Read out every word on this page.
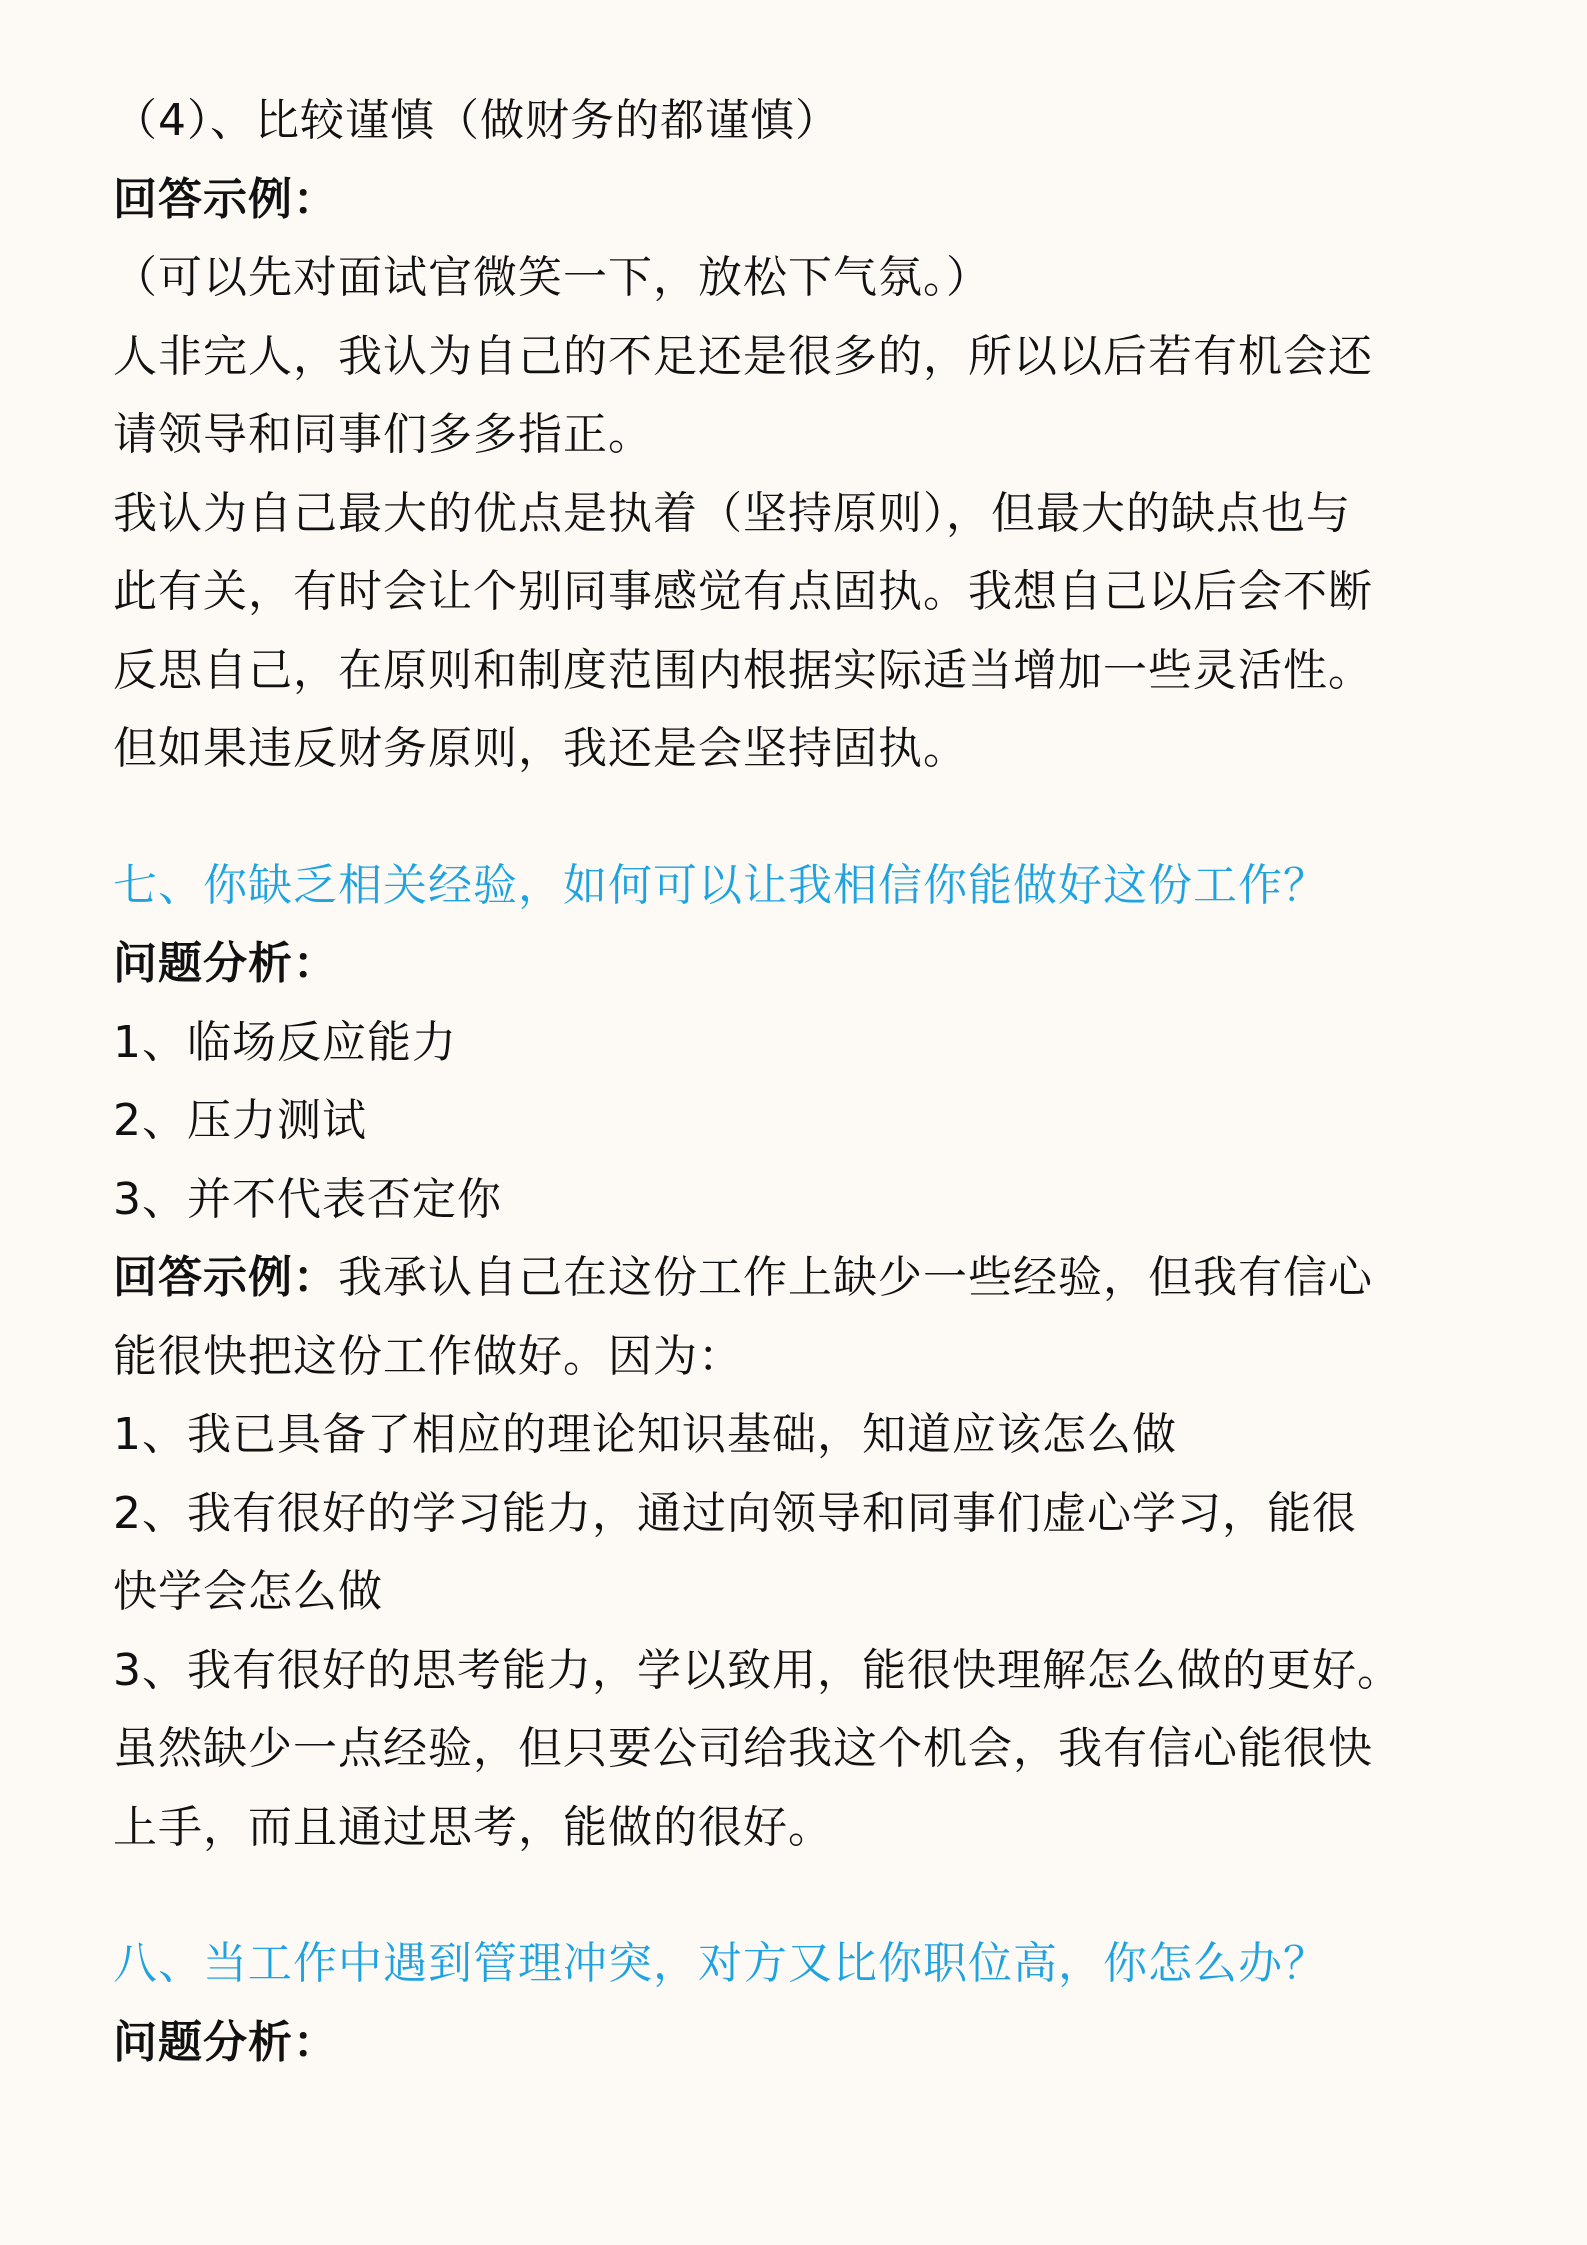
（4）、比较谨慎（做财务的都谨慎）
回答示例：
（可以先对面试官微笑一下，放松下气氛。）
人非完人，我认为自己的不足还是很多的，所以以后若有机会还
请领导和同事们多多指正。
我认为自己最大的优点是执着（坚持原则），但最大的缺点也与
此有关，有时会让个别同事感觉有点固执。我想自己以后会不断
反思自己，在原则和制度范围内根据实际适当增加一些灵活性。
但如果违反财务原则，我还是会坚持固执。
七、你缺乏相关经验，如何可以让我相信你能做好这份工作？
问题分析：
1、临场反应能力
2、压力测试
3、并不代表否定你
回答示例：我承认自己在这份工作上缺少一些经验，但我有信心
能很快把这份工作做好。因为：
1、我已具备了相应的理论知识基础，知道应该怎么做
2、我有很好的学习能力，通过向领导和同事们虚心学习，能很
快学会怎么做
3、我有很好的思考能力，学以致用，能很快理解怎么做的更好。
虽然缺少一点经验，但只要公司给我这个机会，我有信心能很快
上手，而且通过思考，能做的很好。
八、当工作中遇到管理冲突，对方又比你职位高，你怎么办？
问题分析：
